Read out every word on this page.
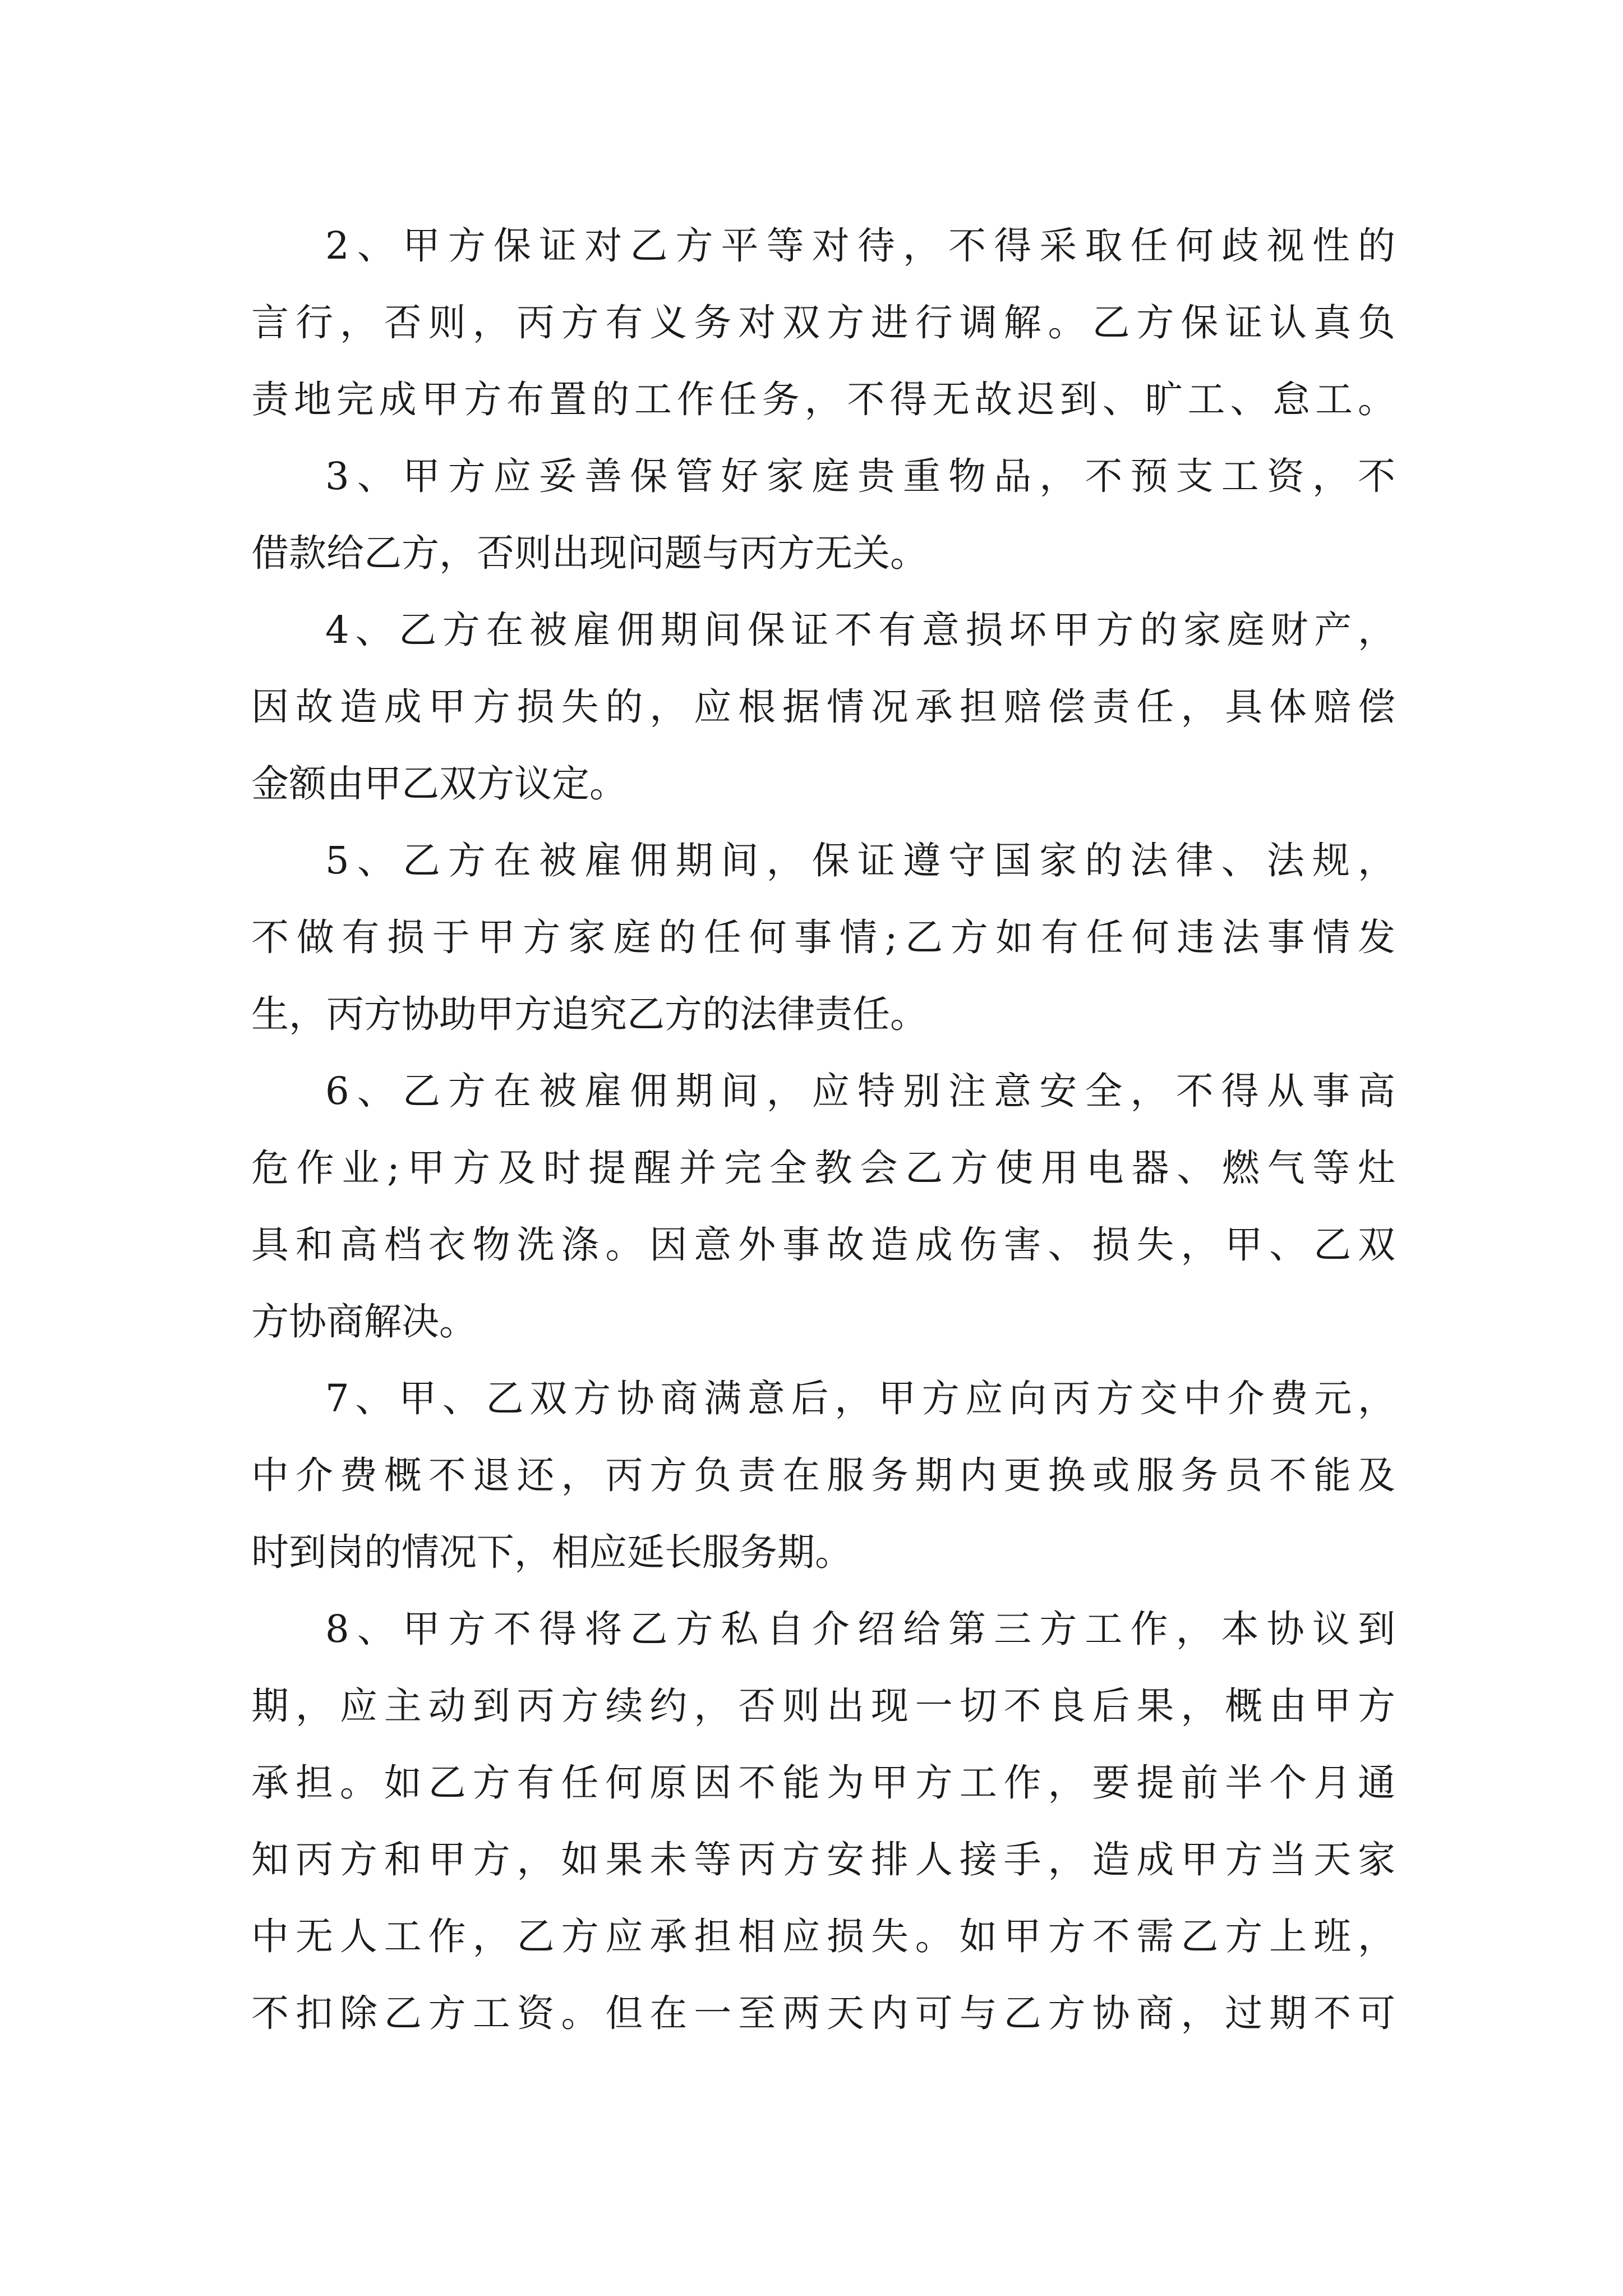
2、甲方保证对乙方平等对待，不得采取任何歧视性的
言行，否则，丙方有义务对双方进行调解。乙方保证认真负
责地完成甲方布置的工作任务，不得无故迟到、旷工、怠工。
3、甲方应妥善保管好家庭贵重物品，不预支工资，不
借款给乙方，否则出现问题与丙方无关。
4、乙方在被雇佣期间保证不有意损坏甲方的家庭财产，
因故造成甲方损失的，应根据情况承担赔偿责任，具体赔偿
金额由甲乙双方议定。
5、乙方在被雇佣期间，保证遵守国家的法律、法规，
不做有损于甲方家庭的任何事情;乙方如有任何违法事情发
生，丙方协助甲方追究乙方的法律责任。
6、乙方在被雇佣期间，应特别注意安全，不得从事高
危作业;甲方及时提醒并完全教会乙方使用电器、燃气等灶
具和高档衣物洗涤。因意外事故造成伤害、损失，甲、乙双
方协商解决。
7、甲、乙双方协商满意后，甲方应向丙方交中介费元，
中介费概不退还，丙方负责在服务期内更换或服务员不能及
时到岗的情况下，相应延长服务期。
8、甲方不得将乙方私自介绍给第三方工作，本协议到
期，应主动到丙方续约，否则出现一切不良后果，概由甲方
承担。如乙方有任何原因不能为甲方工作，要提前半个月通
知丙方和甲方，如果未等丙方安排人接手，造成甲方当天家
中无人工作，乙方应承担相应损失。如甲方不需乙方上班，
不扣除乙方工资。但在一至两天内可与乙方协商，过期不可
